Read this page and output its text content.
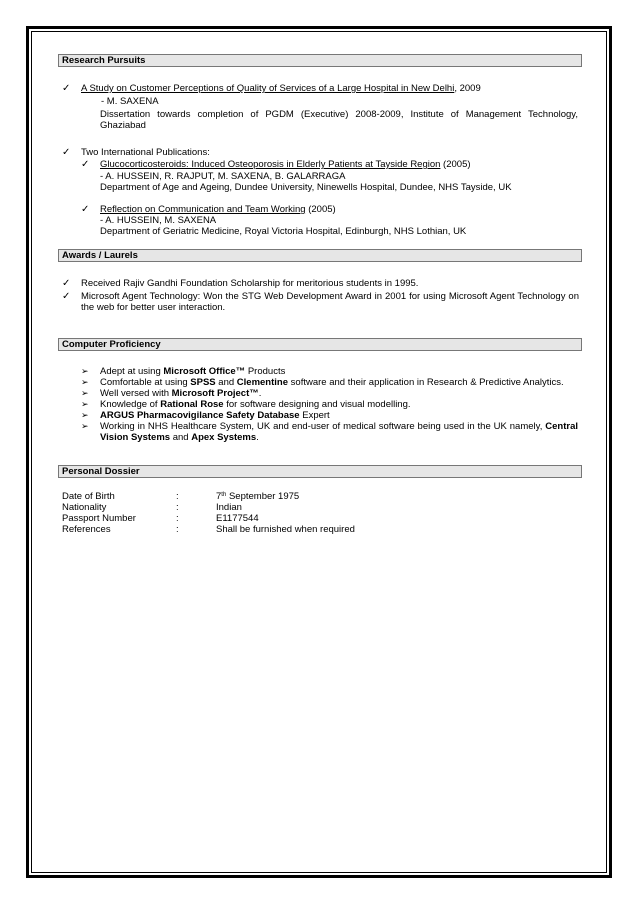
Research Pursuits
✓ A Study on Customer Perceptions of Quality of Services of a Large Hospital in New Delhi, 2009
- M. SAXENA
Dissertation towards completion of PGDM (Executive) 2008-2009, Institute of Management Technology, Ghaziabad
✓ Two International Publications:
✓ Glucocorticosteroids: Induced Osteoporosis in Elderly Patients at Tayside Region (2005)
- A. HUSSEIN, R. RAJPUT, M. SAXENA, B. GALARRAGA
Department of Age and Ageing, Dundee University, Ninewells Hospital, Dundee, NHS Tayside, UK
✓ Reflection on Communication and Team Working (2005)
- A. HUSSEIN, M. SAXENA
Department of Geriatric Medicine, Royal Victoria Hospital, Edinburgh, NHS Lothian, UK
Awards / Laurels
✓ Received Rajiv Gandhi Foundation Scholarship for meritorious students in 1995.
✓ Microsoft Agent Technology: Won the STG Web Development Award in 2001 for using Microsoft Agent Technology on the web for better user interaction.
Computer Proficiency
➢ Adept at using Microsoft Office™ Products
➢ Comfortable at using SPSS and Clementine software and their application in Research & Predictive Analytics.
➢ Well versed with Microsoft Project™.
➢ Knowledge of Rational Rose for software designing and visual modelling.
➢ ARGUS Pharmacovigilance Safety Database Expert
➢ Working in NHS Healthcare System, UK and end-user of medical software being used in the UK namely, Central Vision Systems and Apex Systems.
Personal Dossier
Date of Birth	:	7th September 1975
Nationality	:	Indian
Passport Number	:	E1177544
References	:	Shall be furnished when required
